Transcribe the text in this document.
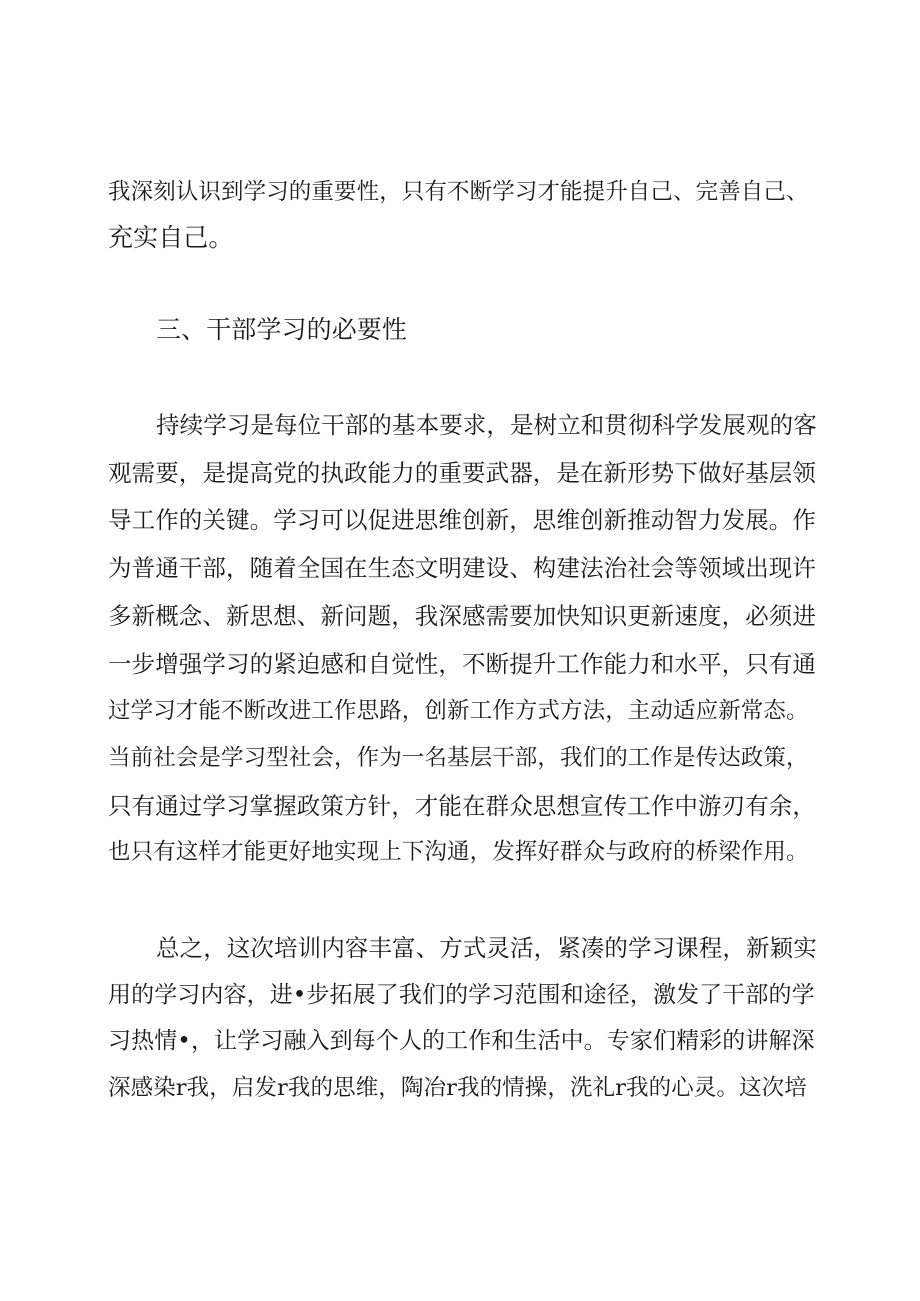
我深刻认识到学习的重要性，只有不断学习才能提升自己、完善自己、
充实自己。
三、干部学习的必要性
持续学习是每位干部的基本要求，是树立和贯彻科学发展观的客
观需要，是提高党的执政能力的重要武器，是在新形势下做好基层领
导工作的关键。学习可以促进思维创新，思维创新推动智力发展。作
为普通干部，随着全国在生态文明建设、构建法治社会等领域出现许
多新概念、新思想、新问题，我深感需要加快知识更新速度，必须进
一步增强学习的紧迫感和自觉性，不断提升工作能力和水平，只有通
过学习才能不断改进工作思路，创新工作方式方法，主动适应新常态。
当前社会是学习型社会，作为一名基层干部，我们的工作是传达政策，
只有通过学习掌握政策方针，才能在群众思想宣传工作中游刃有余，
也只有这样才能更好地实现上下沟通，发挥好群众与政府的桥梁作用。
总之，这次培训内容丰富、方式灵活，紧凑的学习课程，新颖实
用的学习内容，进•步拓展了我们的学习范围和途径，激发了干部的学
习热情•，让学习融入到每个人的工作和生活中。专家们精彩的讲解深
深感染r我，启发r我的思维，陶冶r我的情操，洗礼r我的心灵。这次培
